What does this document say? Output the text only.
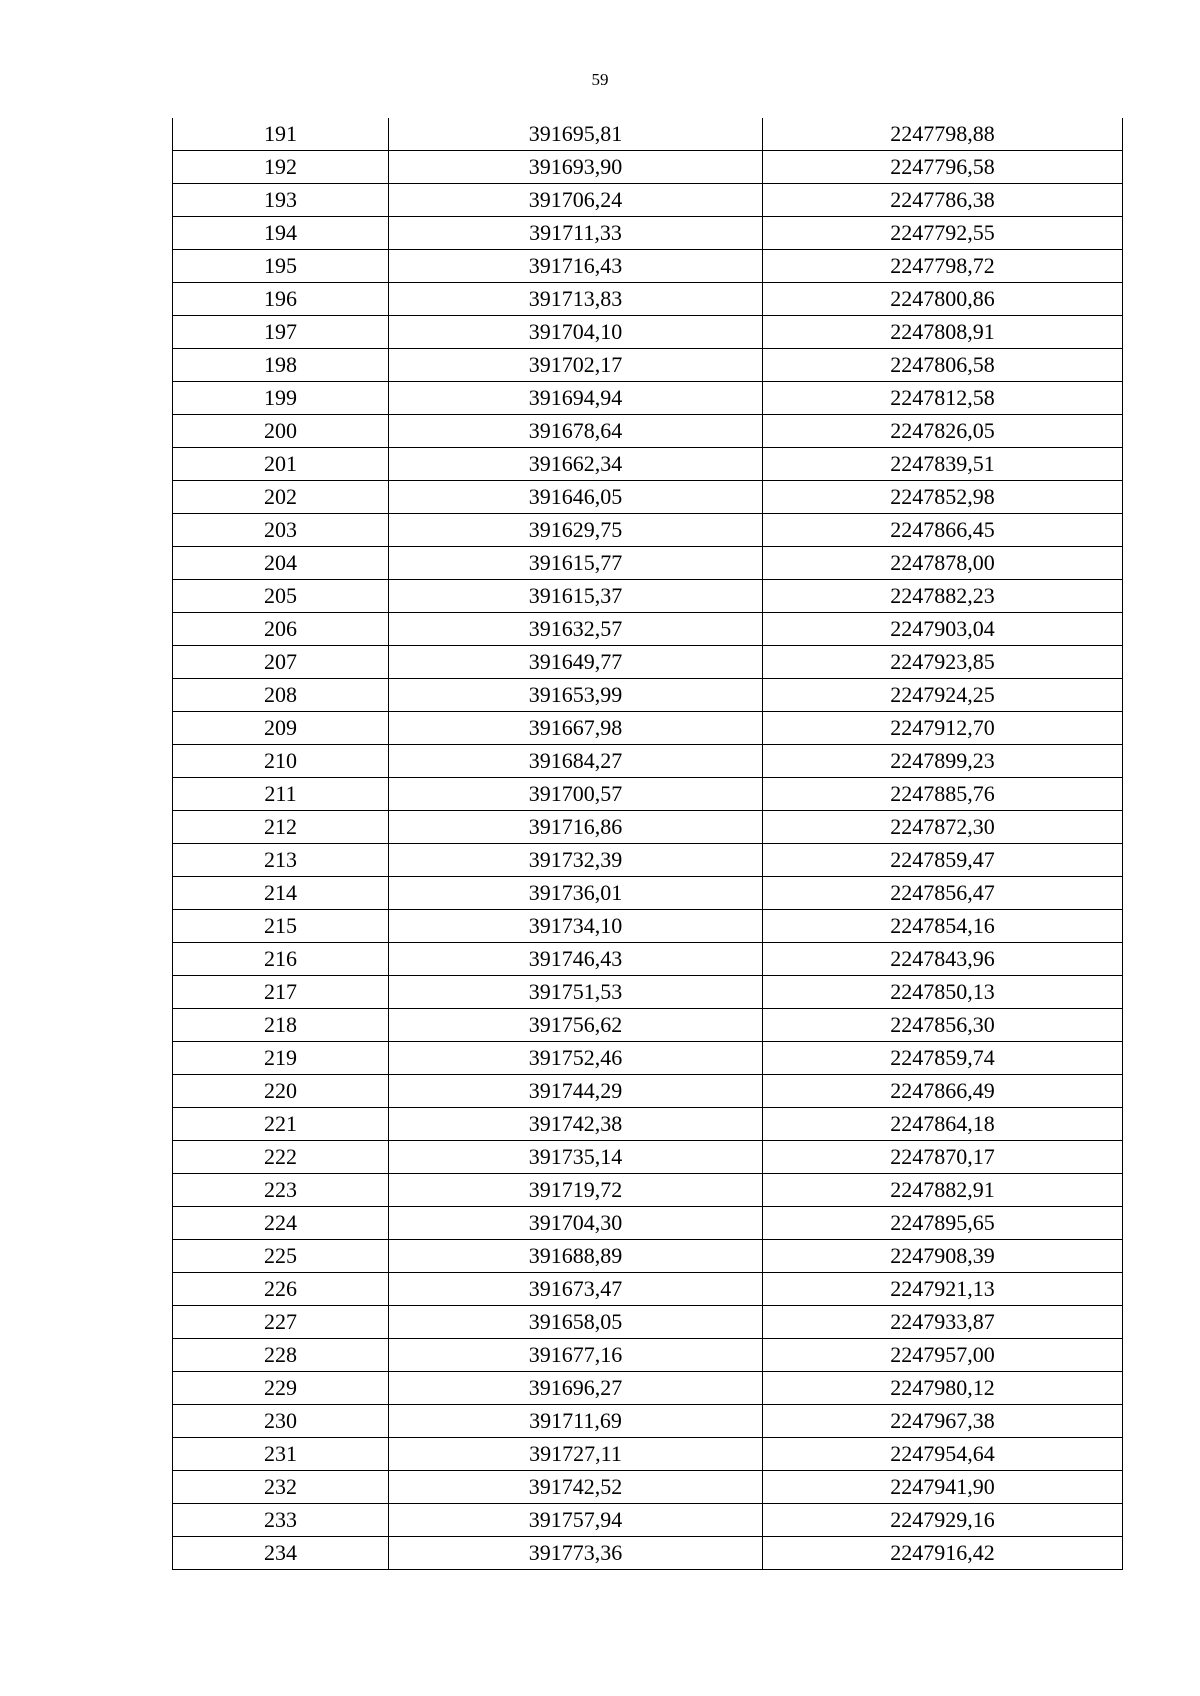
59
191	391695,81	2247798,88
192	391693,90	2247796,58
193	391706,24	2247786,38
194	391711,33	2247792,55
195	391716,43	2247798,72
196	391713,83	2247800,86
197	391704,10	2247808,91
198	391702,17	2247806,58
199	391694,94	2247812,58
200	391678,64	2247826,05
201	391662,34	2247839,51
202	391646,05	2247852,98
203	391629,75	2247866,45
204	391615,77	2247878,00
205	391615,37	2247882,23
206	391632,57	2247903,04
207	391649,77	2247923,85
208	391653,99	2247924,25
209	391667,98	2247912,70
210	391684,27	2247899,23
211	391700,57	2247885,76
212	391716,86	2247872,30
213	391732,39	2247859,47
214	391736,01	2247856,47
215	391734,10	2247854,16
216	391746,43	2247843,96
217	391751,53	2247850,13
218	391756,62	2247856,30
219	391752,46	2247859,74
220	391744,29	2247866,49
221	391742,38	2247864,18
222	391735,14	2247870,17
223	391719,72	2247882,91
224	391704,30	2247895,65
225	391688,89	2247908,39
226	391673,47	2247921,13
227	391658,05	2247933,87
228	391677,16	2247957,00
229	391696,27	2247980,12
230	391711,69	2247967,38
231	391727,11	2247954,64
232	391742,52	2247941,90
233	391757,94	2247929,16
234	391773,36	2247916,42
